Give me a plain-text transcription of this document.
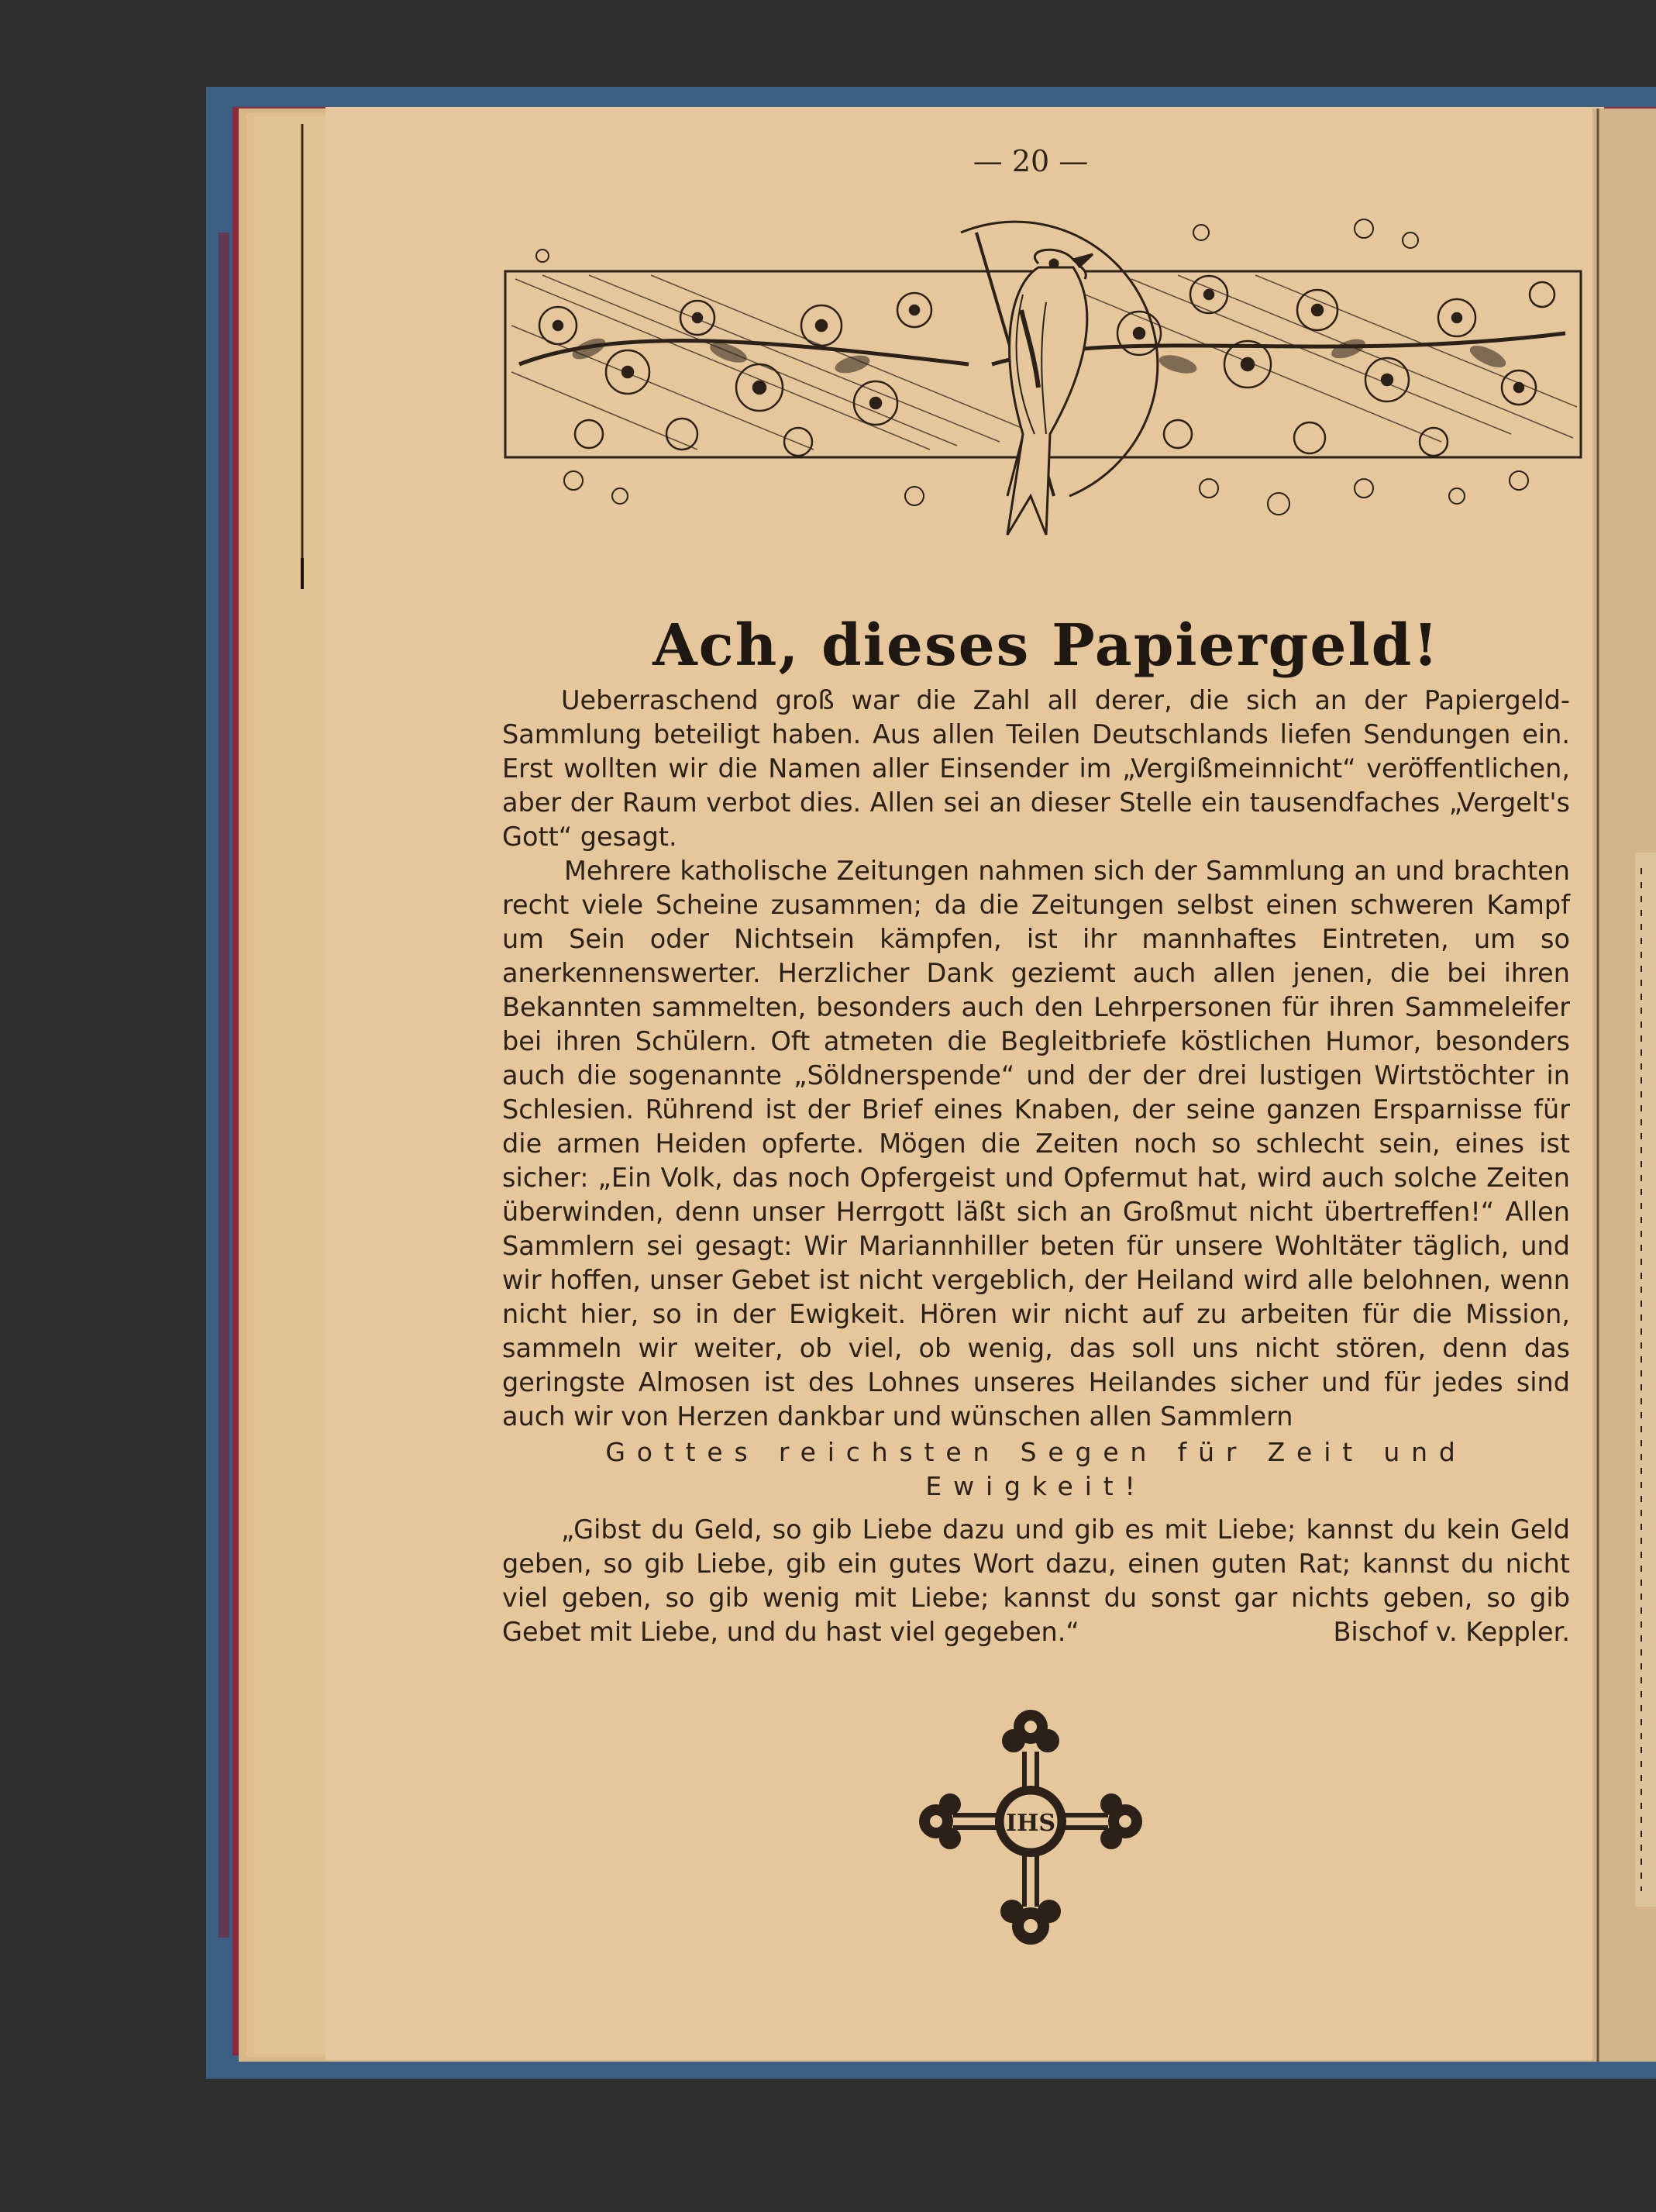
IHS
— 20 —
Ach, dieses Papiergeld!

Ueberraschend groß war die Zahl all derer, die sich an der Papiergeld-Sammlung beteiligt haben. Aus allen Teilen Deutschlands liefen Sendungen ein. Erst wollten wir die Namen aller Einsender im „Vergißmeinnicht“ veröffentlichen, aber der Raum verbot dies. Allen sei an dieser Stelle ein tausendfaches „Vergelt's Gott“ gesagt.

Mehrere katholische Zeitungen nahmen sich der Sammlung an und brachten recht viele Scheine zusammen; da die Zeitungen selbst einen schweren Kampf um Sein oder Nichtsein kämpfen, ist ihr mannhaftes Eintreten, um so anerkennenswerter. Herzlicher Dank geziemt auch allen jenen, die bei ihren Bekannten sammelten, besonders auch den Lehrpersonen für ihren Sammeleifer bei ihren Schülern. Oft atmeten die Begleitbriefe köstlichen Humor, besonders auch die sogenannte „Söldnerspende“ und der der drei lustigen Wirtstöchter in Schlesien. Rührend ist der Brief eines Knaben, der seine ganzen Ersparnisse für die armen Heiden opferte. Mögen die Zeiten noch so schlecht sein, eines ist sicher: „Ein Volk, das noch Opfergeist und Opfermut hat, wird auch solche Zeiten überwinden, denn unser Herrgott läßt sich an Großmut nicht übertreffen!“ Allen Sammlern sei gesagt: Wir Mariannhiller beten für unsere Wohltäter täglich, und wir hoffen, unser Gebet ist nicht vergeblich, der Heiland wird alle belohnen, wenn nicht hier, so in der Ewigkeit. Hören wir nicht auf zu arbeiten für die Mission, sammeln wir weiter, ob viel, ob wenig, das soll uns nicht stören, denn das geringste Almosen ist des Lohnes unseres Heilandes sicher und für jedes sind auch wir von Herzen dankbar und wünschen allen Sammlern

Gottes reichsten Segen für Zeit und Ewigkeit!

„Gibst du Geld, so gib Liebe dazu und gib es mit Liebe; kannst du kein Geld geben, so gib Liebe, gib ein gutes Wort dazu, einen guten Rat; kannst du nicht viel geben, so gib wenig mit Liebe; kannst du sonst gar nichts geben, so gib Gebet mit Liebe, und du hast viel gegeben.“	Bischof v. Keppler.
